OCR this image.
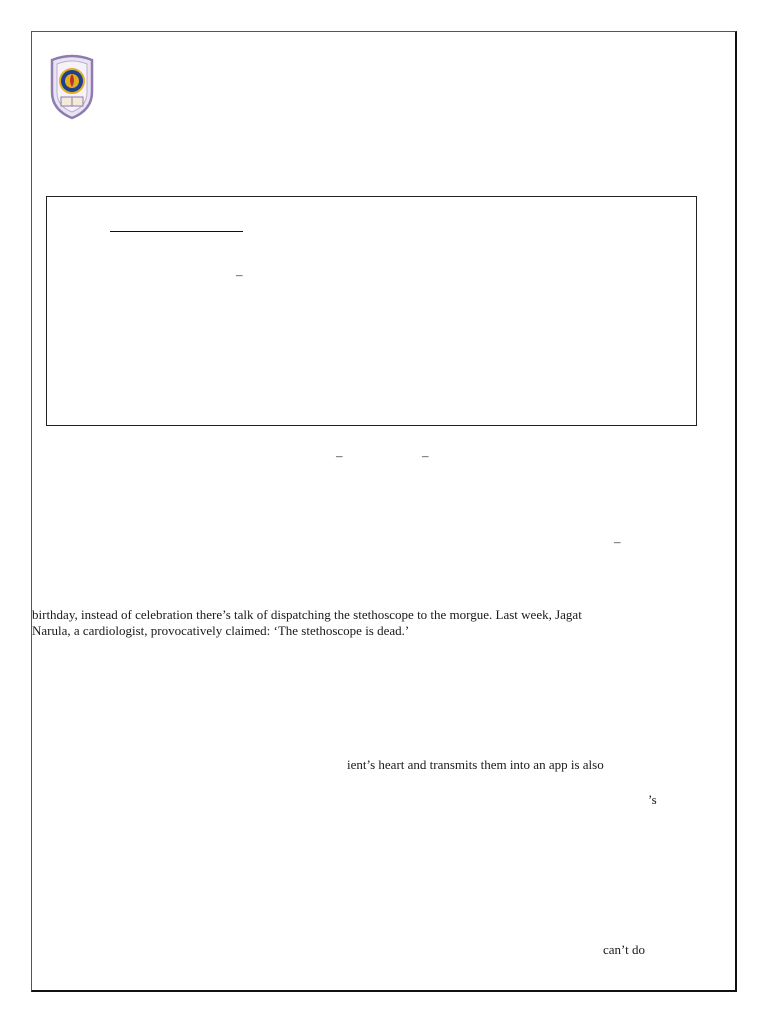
–
–	–
–
birthday, instead of celebration there’s talk of dispatching the stethoscope to the morgue. Last week, Jagat
Narula, a cardiologist, provocatively claimed: ‘The stethoscope is dead.’
ient’s heart and transmits them into an app is also
’s
can’t do
